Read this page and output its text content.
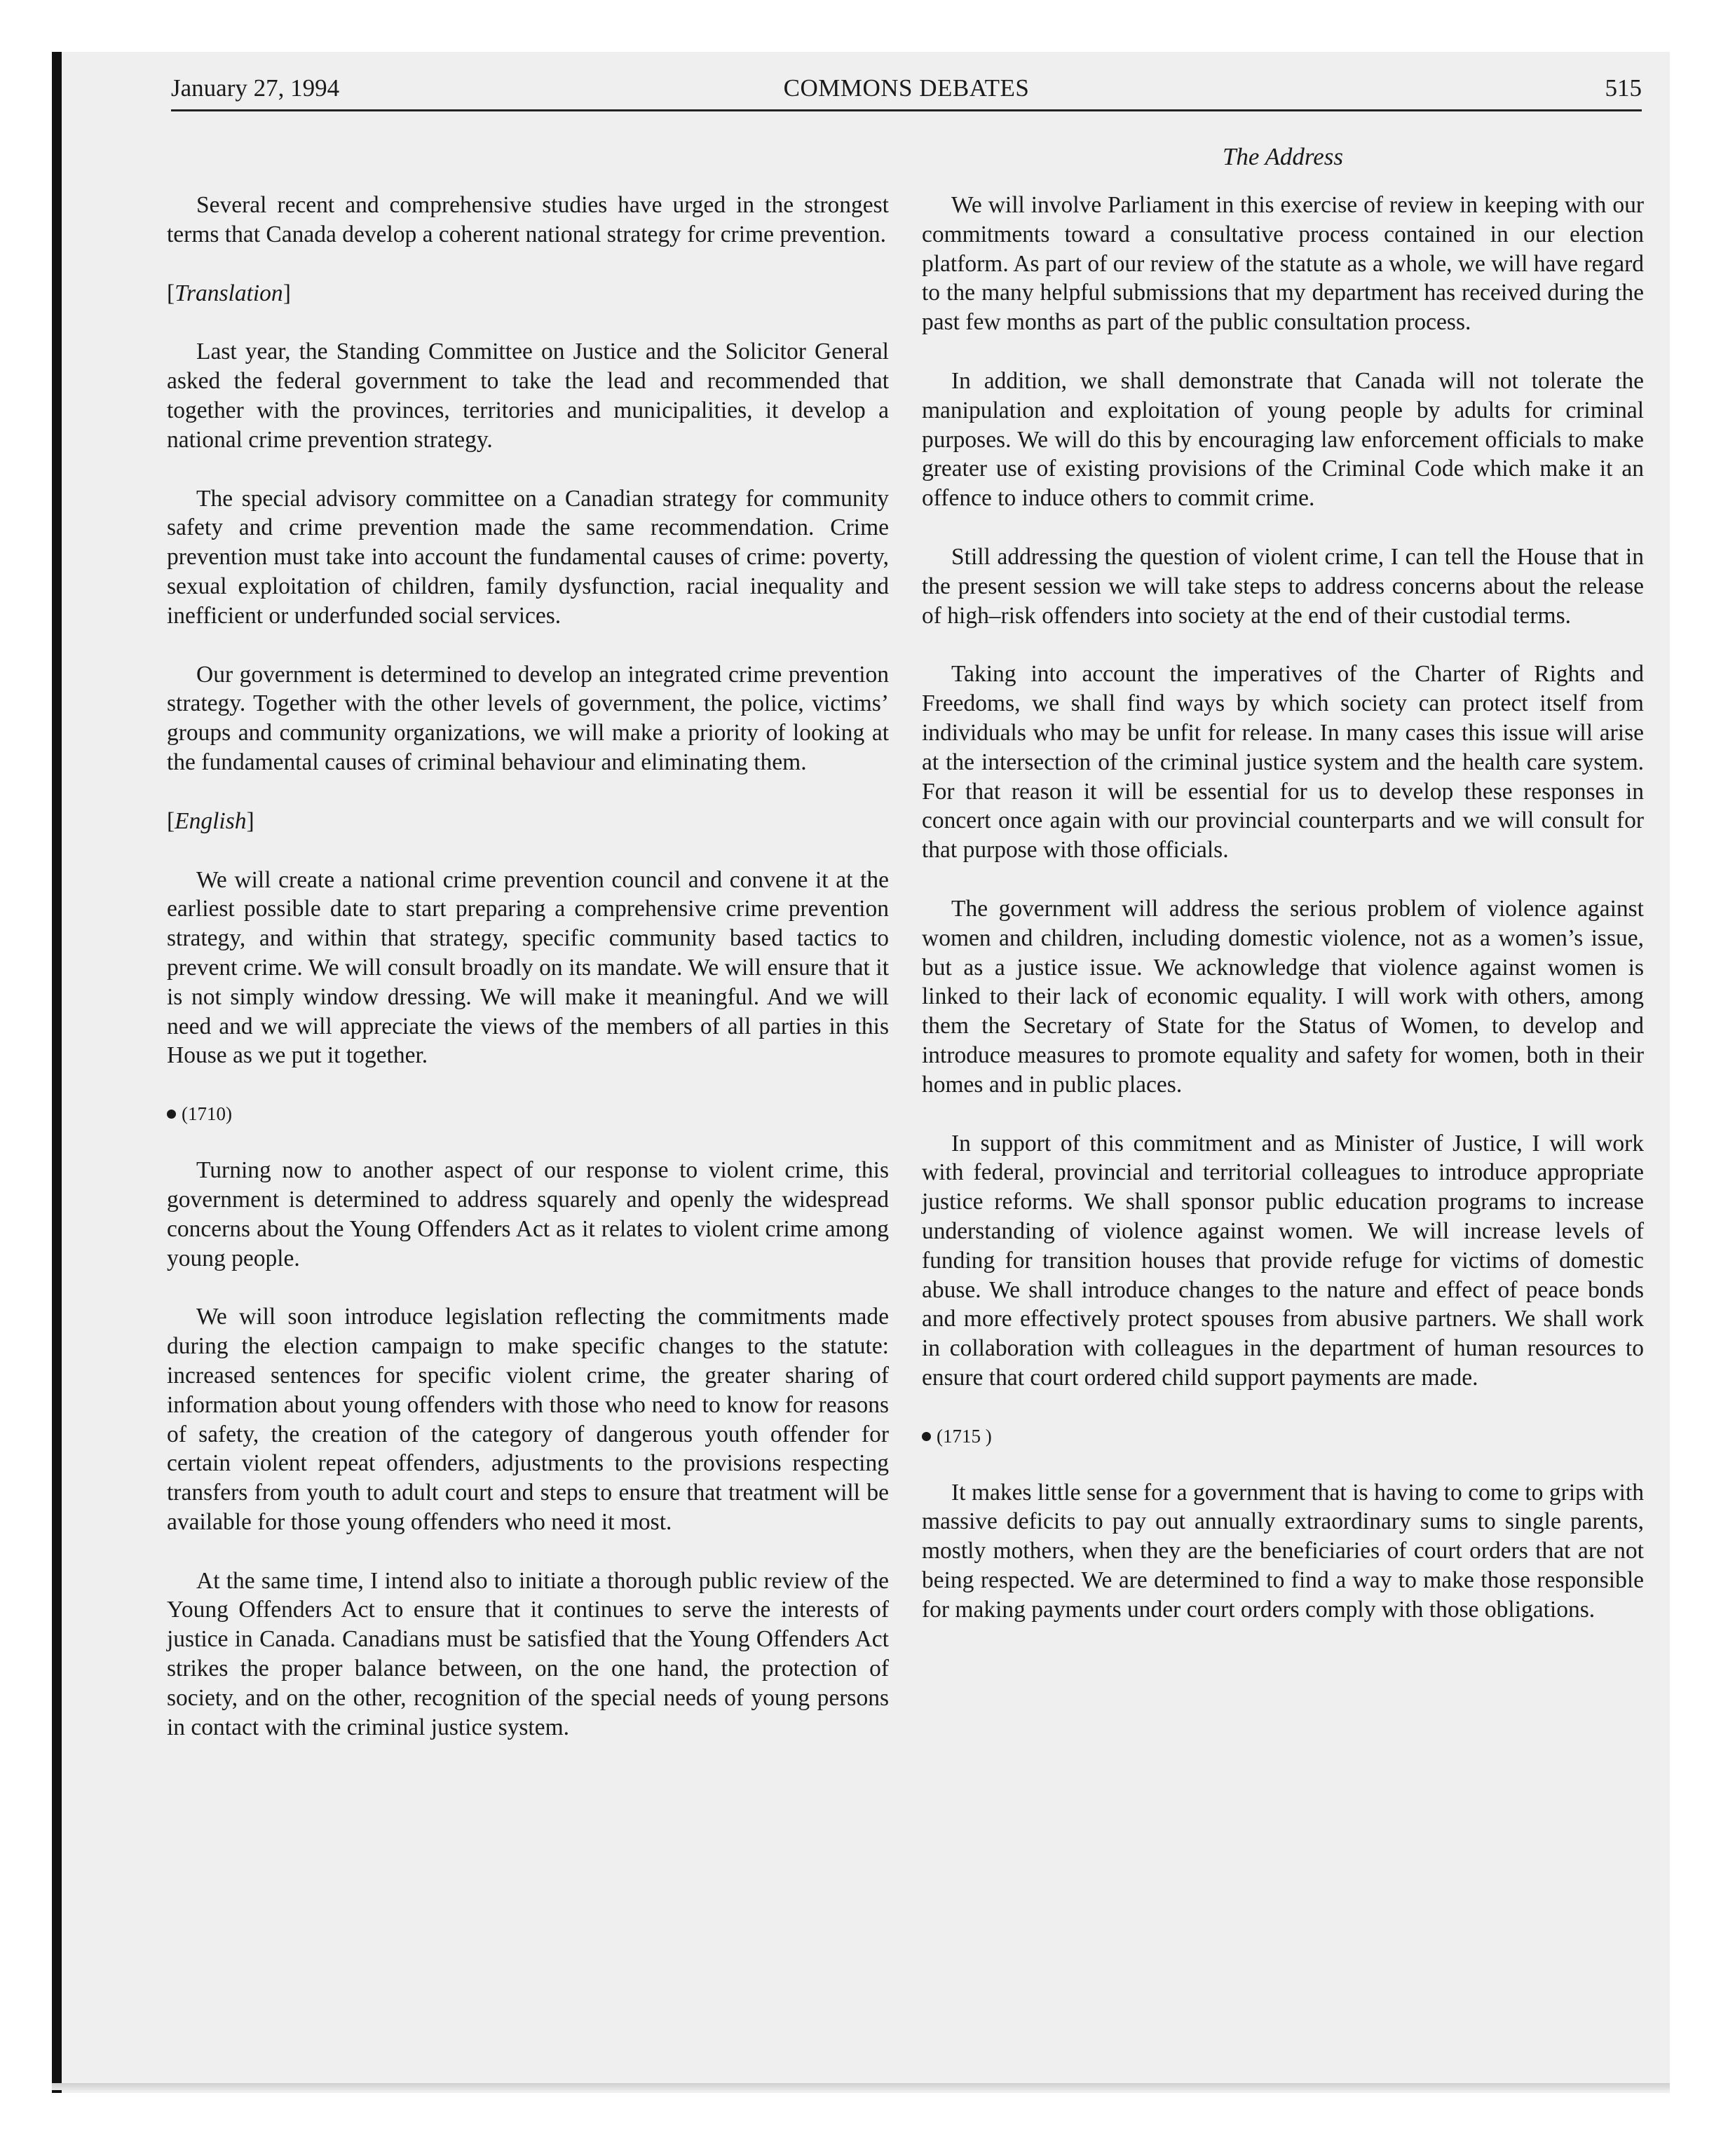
January 27, 1994	COMMONS DEBATES	515
The Address

Several recent and comprehensive studies have urged in the strongest terms that Canada develop a coherent national strategy for crime prevention.

[Translation]

Last year, the Standing Committee on Justice and the Solicitor General asked the federal government to take the lead and recommended that together with the provinces, territories and municipalities, it develop a national crime prevention strategy.

The special advisory committee on a Canadian strategy for community safety and crime prevention made the same recommendation. Crime prevention must take into account the fundamental causes of crime: poverty, sexual exploitation of children, family dysfunction, racial inequality and inefficient or underfunded social services.

Our government is determined to develop an integrated crime prevention strategy. Together with the other levels of government, the police, victims’ groups and community organizations, we will make a priority of looking at the fundamental causes of criminal behaviour and eliminating them.

[English]

We will create a national crime prevention council and convene it at the earliest possible date to start preparing a comprehensive crime prevention strategy, and within that strategy, specific community based tactics to prevent crime. We will consult broadly on its mandate. We will ensure that it is not simply window dressing. We will make it meaningful. And we will need and we will appreciate the views of the members of all parties in this House as we put it together.

(1710)

Turning now to another aspect of our response to violent crime, this government is determined to address squarely and openly the widespread concerns about the Young Offenders Act as it relates to violent crime among young people.

We will soon introduce legislation reflecting the commitments made during the election campaign to make specific changes to the statute: increased sentences for specific violent crime, the greater sharing of information about young offenders with those who need to know for reasons of safety, the creation of the category of dangerous youth offender for certain violent repeat offenders, adjustments to the provisions respecting transfers from youth to adult court and steps to ensure that treatment will be available for those young offenders who need it most.

At the same time, I intend also to initiate a thorough public review of the Young Offenders Act to ensure that it continues to serve the interests of justice in Canada. Canadians must be satisfied that the Young Offenders Act strikes the proper balance between, on the one hand, the protection of society, and on the other, recognition of the special needs of young persons in contact with the criminal justice system.

We will involve Parliament in this exercise of review in keeping with our commitments toward a consultative process contained in our election platform. As part of our review of the statute as a whole, we will have regard to the many helpful submissions that my department has received during the past few months as part of the public consultation process.

In addition, we shall demonstrate that Canada will not tolerate the manipulation and exploitation of young people by adults for criminal purposes. We will do this by encouraging law enforcement officials to make greater use of existing provisions of the Criminal Code which make it an offence to induce others to commit crime.

Still addressing the question of violent crime, I can tell the House that in the present session we will take steps to address concerns about the release of high–risk offenders into society at the end of their custodial terms.

Taking into account the imperatives of the Charter of Rights and Freedoms, we shall find ways by which society can protect itself from individuals who may be unfit for release. In many cases this issue will arise at the intersection of the criminal justice system and the health care system. For that reason it will be essential for us to develop these responses in concert once again with our provincial counterparts and we will consult for that purpose with those officials.

The government will address the serious problem of violence against women and children, including domestic violence, not as a women’s issue, but as a justice issue. We acknowledge that violence against women is linked to their lack of economic equality. I will work with others, among them the Secretary of State for the Status of Women, to develop and introduce measures to promote equality and safety for women, both in their homes and in public places.

In support of this commitment and as Minister of Justice, I will work with federal, provincial and territorial colleagues to introduce appropriate justice reforms. We shall sponsor public education programs to increase understanding of violence against women. We will increase levels of funding for transition houses that provide refuge for victims of domestic abuse. We shall introduce changes to the nature and effect of peace bonds and more effectively protect spouses from abusive partners. We shall work in collaboration with colleagues in the department of human resources to ensure that court ordered child support payments are made.

(1715 )

It makes little sense for a government that is having to come to grips with massive deficits to pay out annually extraordinary sums to single parents, mostly mothers, when they are the beneficiaries of court orders that are not being respected. We are determined to find a way to make those responsible for making payments under court orders comply with those obligations.
